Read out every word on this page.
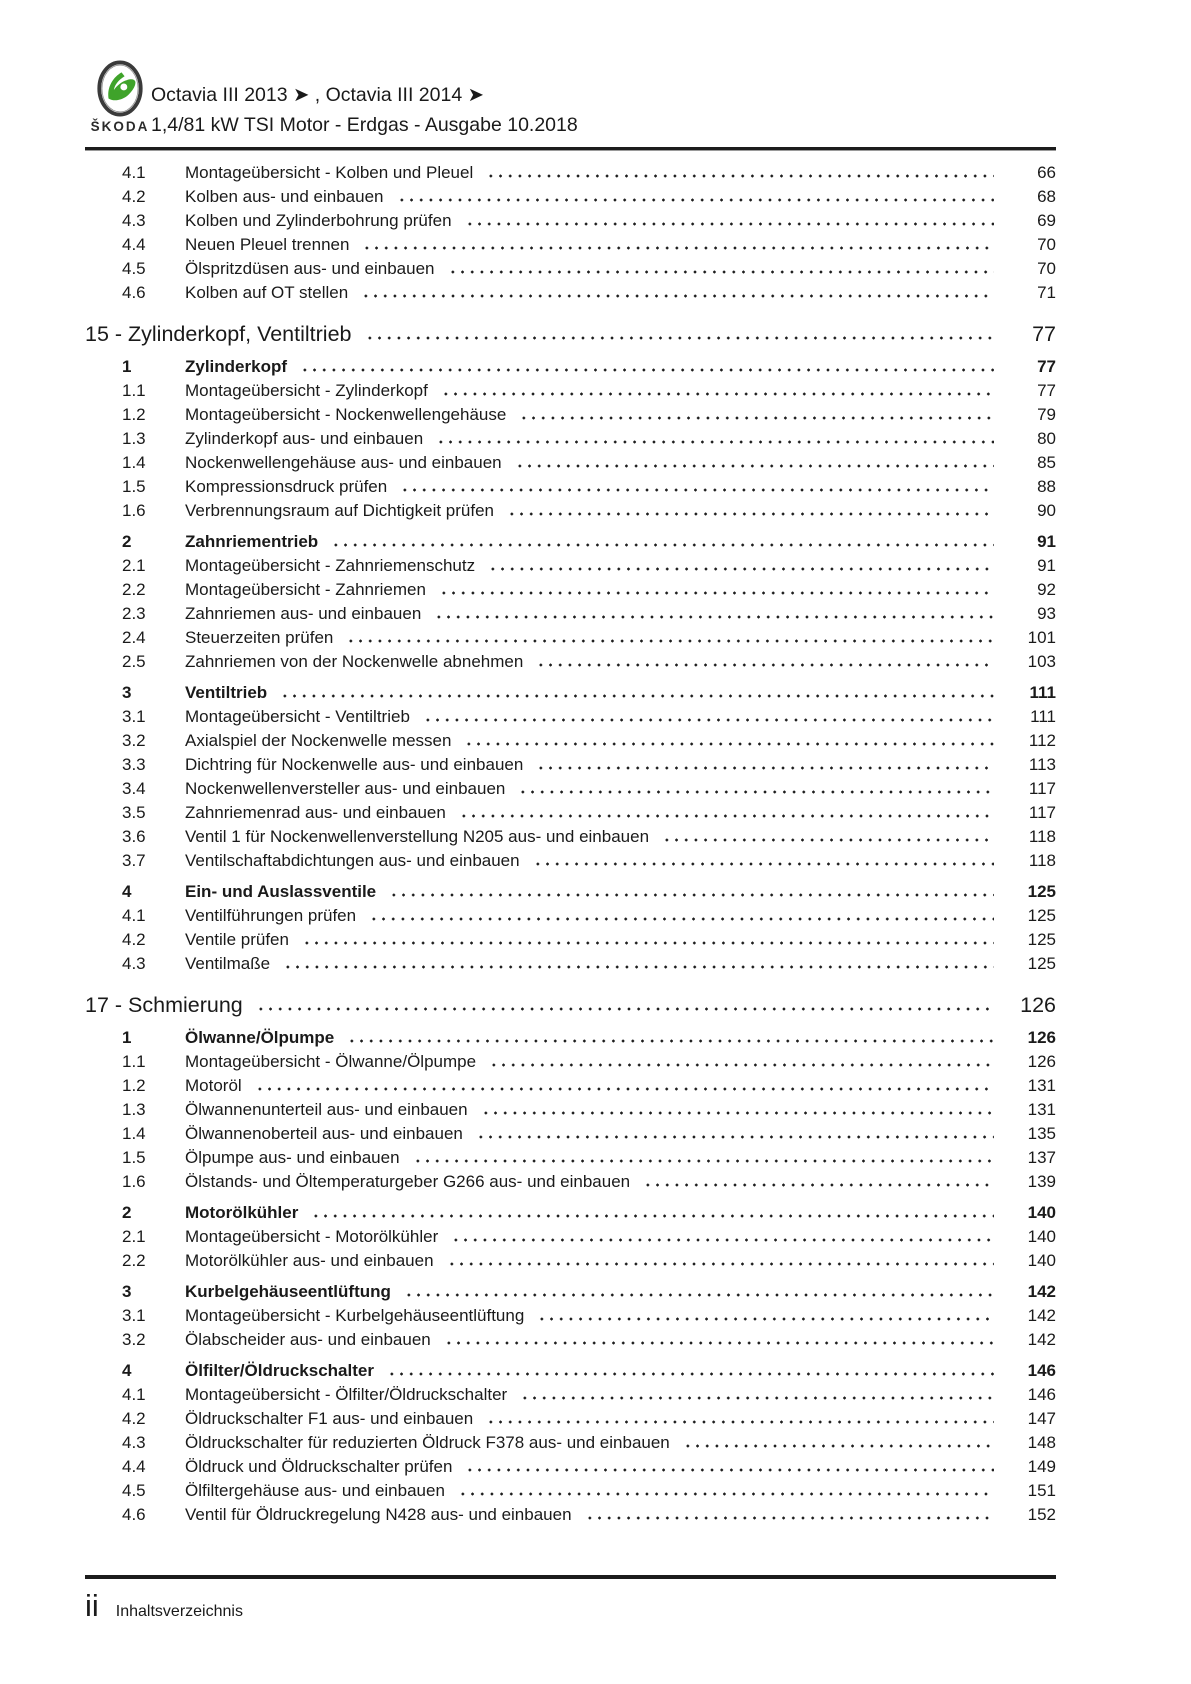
ŠKODA
Octavia III 2013 ➤ , Octavia III 2014 ➤
1,4/81 kW TSI Motor - Erdgas - Ausgabe 10.2018
4.1	Montageübersicht - Kolben und Pleuel	66
4.2	Kolben aus- und einbauen	68
4.3	Kolben und Zylinderbohrung prüfen	69
4.4	Neuen Pleuel trennen	70
4.5	Ölspritzdüsen aus- und einbauen	70
4.6	Kolben auf OT stellen	71
15 - Zylinderkopf, Ventiltrieb	77
1	Zylinderkopf	77
1.1	Montageübersicht - Zylinderkopf	77
1.2	Montageübersicht - Nockenwellengehäuse	79
1.3	Zylinderkopf aus- und einbauen	80
1.4	Nockenwellengehäuse aus- und einbauen	85
1.5	Kompressionsdruck prüfen	88
1.6	Verbrennungsraum auf Dichtigkeit prüfen	90
2	Zahnriementrieb	91
2.1	Montageübersicht - Zahnriemenschutz	91
2.2	Montageübersicht - Zahnriemen	92
2.3	Zahnriemen aus- und einbauen	93
2.4	Steuerzeiten prüfen	101
2.5	Zahnriemen von der Nockenwelle abnehmen	103
3	Ventiltrieb	111
3.1	Montageübersicht - Ventiltrieb	111
3.2	Axialspiel der Nockenwelle messen	112
3.3	Dichtring für Nockenwelle aus- und einbauen	113
3.4	Nockenwellenversteller aus- und einbauen	117
3.5	Zahnriemenrad aus- und einbauen	117
3.6	Ventil 1 für Nockenwellenverstellung N205 aus- und einbauen	118
3.7	Ventilschaftabdichtungen aus- und einbauen	118
4	Ein- und Auslassventile	125
4.1	Ventilführungen prüfen	125
4.2	Ventile prüfen	125
4.3	Ventilmaße	125
17 - Schmierung	126
1	Ölwanne/Ölpumpe	126
1.1	Montageübersicht - Ölwanne/Ölpumpe	126
1.2	Motoröl	131
1.3	Ölwannenunterteil aus- und einbauen	131
1.4	Ölwannenoberteil aus- und einbauen	135
1.5	Ölpumpe aus- und einbauen	137
1.6	Ölstands- und Öltemperaturgeber G266 aus- und einbauen	139
2	Motorölkühler	140
2.1	Montageübersicht - Motorölkühler	140
2.2	Motorölkühler aus- und einbauen	140
3	Kurbelgehäuseentlüftung	142
3.1	Montageübersicht - Kurbelgehäuseentlüftung	142
3.2	Ölabscheider aus- und einbauen	142
4	Ölfilter/Öldruckschalter	146
4.1	Montageübersicht - Ölfilter/Öldruckschalter	146
4.2	Öldruckschalter F1 aus- und einbauen	147
4.3	Öldruckschalter für reduzierten Öldruck F378 aus- und einbauen	148
4.4	Öldruck und Öldruckschalter prüfen	149
4.5	Ölfiltergehäuse aus- und einbauen	151
4.6	Ventil für Öldruckregelung N428 aus- und einbauen	152
ii Inhaltsverzeichnis
